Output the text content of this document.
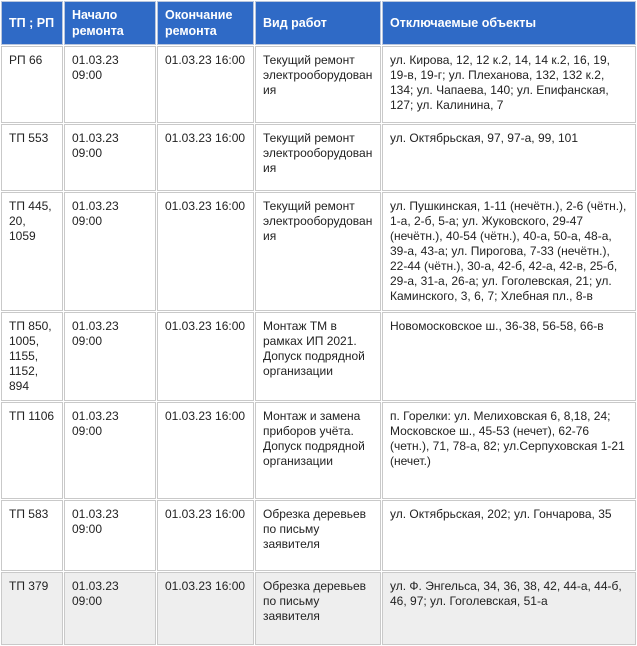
ТП ; РП	Начало ремонта	Окончание ремонта	Вид работ	Отключаемые объекты
РП 66	01.03.23 09:00	01.03.23 16:00	Текущий ремонт электрооборудования	ул. Кирова, 12, 12 к.2, 14, 14 к.2, 16, 19, 19-в, 19-г; ул. Плеханова, 132, 132 к.2, 134; ул. Чапаева, 140; ул. Епифанская, 127; ул. Калинина, 7
ТП 553	01.03.23 09:00	01.03.23 16:00	Текущий ремонт электрооборудования	ул. Октябрьская, 97, 97-а, 99, 101
ТП 445, 20, 1059	01.03.23 09:00	01.03.23 16:00	Текущий ремонт электрооборудования	ул. Пушкинская, 1-11 (нечётн.), 2-6 (чётн.), 1-а, 2-б, 5-а; ул. Жуковского, 29-47 (нечётн.), 40-54 (чётн.), 40-а, 50-а, 48-а, 39-а, 43-а; ул. Пирогова, 7-33 (нечётн.), 22-44 (чётн.), 30-а, 42-б, 42-а, 42-в, 25-б, 29-а, 31-а, 26-а; ул. Гоголевская, 21; ул. Каминского, 3, 6, 7; Хлебная пл., 8-в
ТП 850, 1005, 1155, 1152, 894	01.03.23 09:00	01.03.23 16:00	Монтаж ТМ в рамках ИП 2021. Допуск подрядной организации	Новомосковское ш., 36-38, 56-58, 66-в
ТП 1106	01.03.23 09:00	01.03.23 16:00	Монтаж и замена приборов учёта. Допуск подрядной организации	п. Горелки: ул. Мелиховская 6, 8,18, 24; Московское ш., 45-53 (нечет), 62-76 (четн.), 71, 78-а, 82; ул.Серпуховская 1-21 (нечет.)
ТП 583	01.03.23 09:00	01.03.23 16:00	Обрезка деревьев по письму заявителя	ул. Октябрьская, 202; ул. Гончарова, 35
ТП 379	01.03.23 09:00	01.03.23 16:00	Обрезка деревьев по письму заявителя	ул. Ф. Энгельса, 34, 36, 38, 42, 44-а, 44-б, 46, 97; ул. Гоголевская, 51-а
